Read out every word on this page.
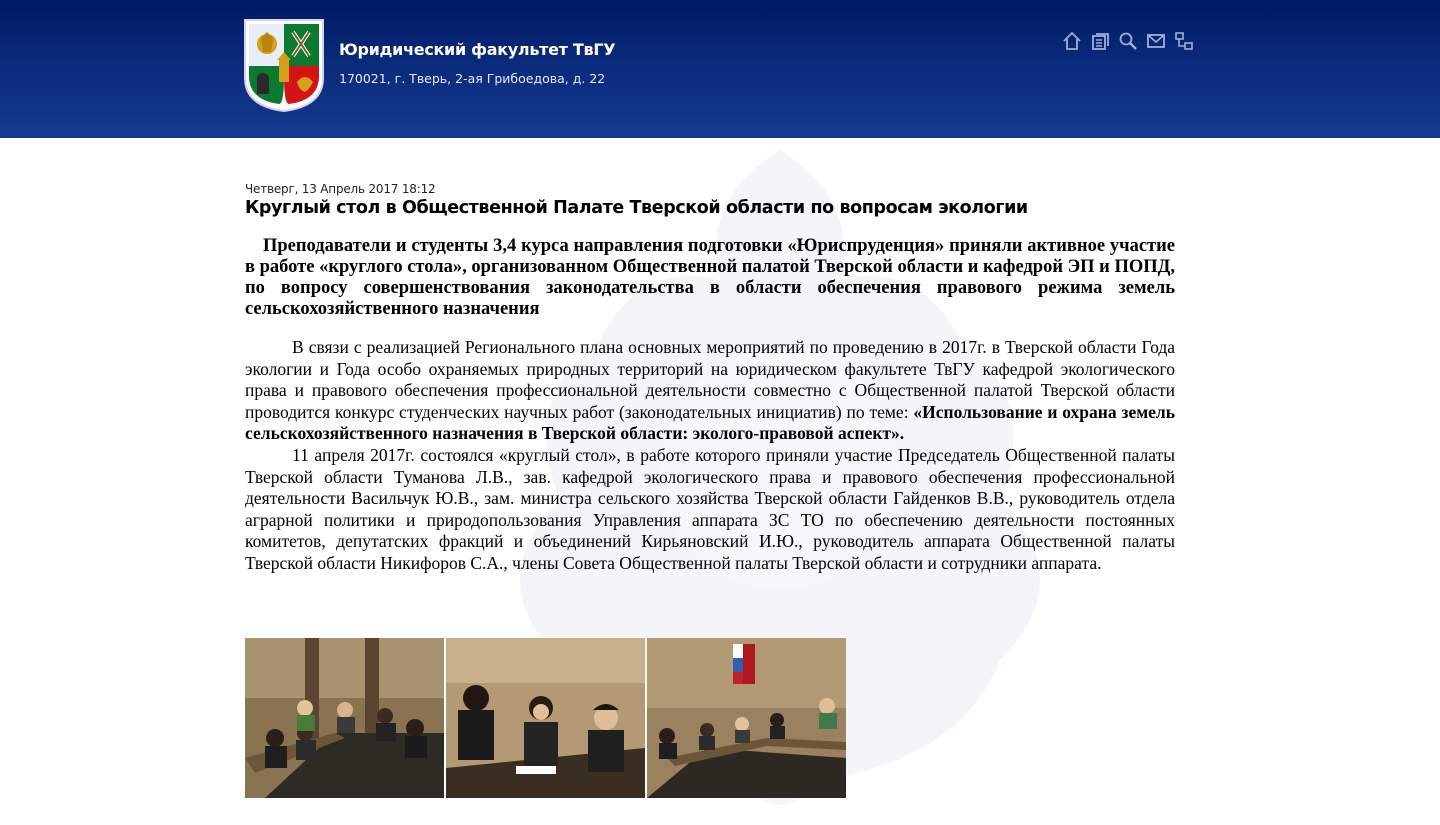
Юридический факультет ТвГУ
170021, г. Тверь, 2-ая Грибоедова, д. 22
Четверг, 13 Апрель 2017 18:12
Круглый стол в Общественной Палате Тверской области по вопросам экологии

Преподаватели и студенты 3,4 курса направления подготовки «Юриспруденция» приняли активное участие в работе «круглого стола», организованном Общественной палатой Тверской области и кафедрой ЭП и ПОПД, по вопросу совершенствования законодательства в области обеспечения правового режима земель сельскохозяйственного назначения

В связи с реализацией Регионального плана основных мероприятий по проведению в 2017г. в Тверской области Года экологии и Года особо охраняемых природных территорий на юридическом факультете ТвГУ кафедрой экологического права и правового обеспечения профессиональной деятельности совместно с Общественной палатой Тверской области проводится конкурс студенческих научных работ (законодательных инициатив) по теме: «Использование и охрана земель сельскохозяйственного назначения в Тверской области: эколого-правовой аспект».

11 апреля 2017г. состоялся «круглый стол», в работе которого приняли участие Председатель Общественной палаты Тверской области Туманова Л.В., зав. кафедрой экологического права и правового обеспечения профессиональной деятельности Васильчук Ю.В., зам. министра сельского хозяйства Тверской области Гайденков В.В., руководитель отдела аграрной политики и природопользования Управления аппарата ЗС ТО по обеспечению деятельности постоянных комитетов, депутатских фракций и объединений Кирьяновский И.Ю., руководитель аппарата Общественной палаты Тверской области Никифоров С.А., члены Совета Общественной палаты Тверской области и сотрудники аппарата.
